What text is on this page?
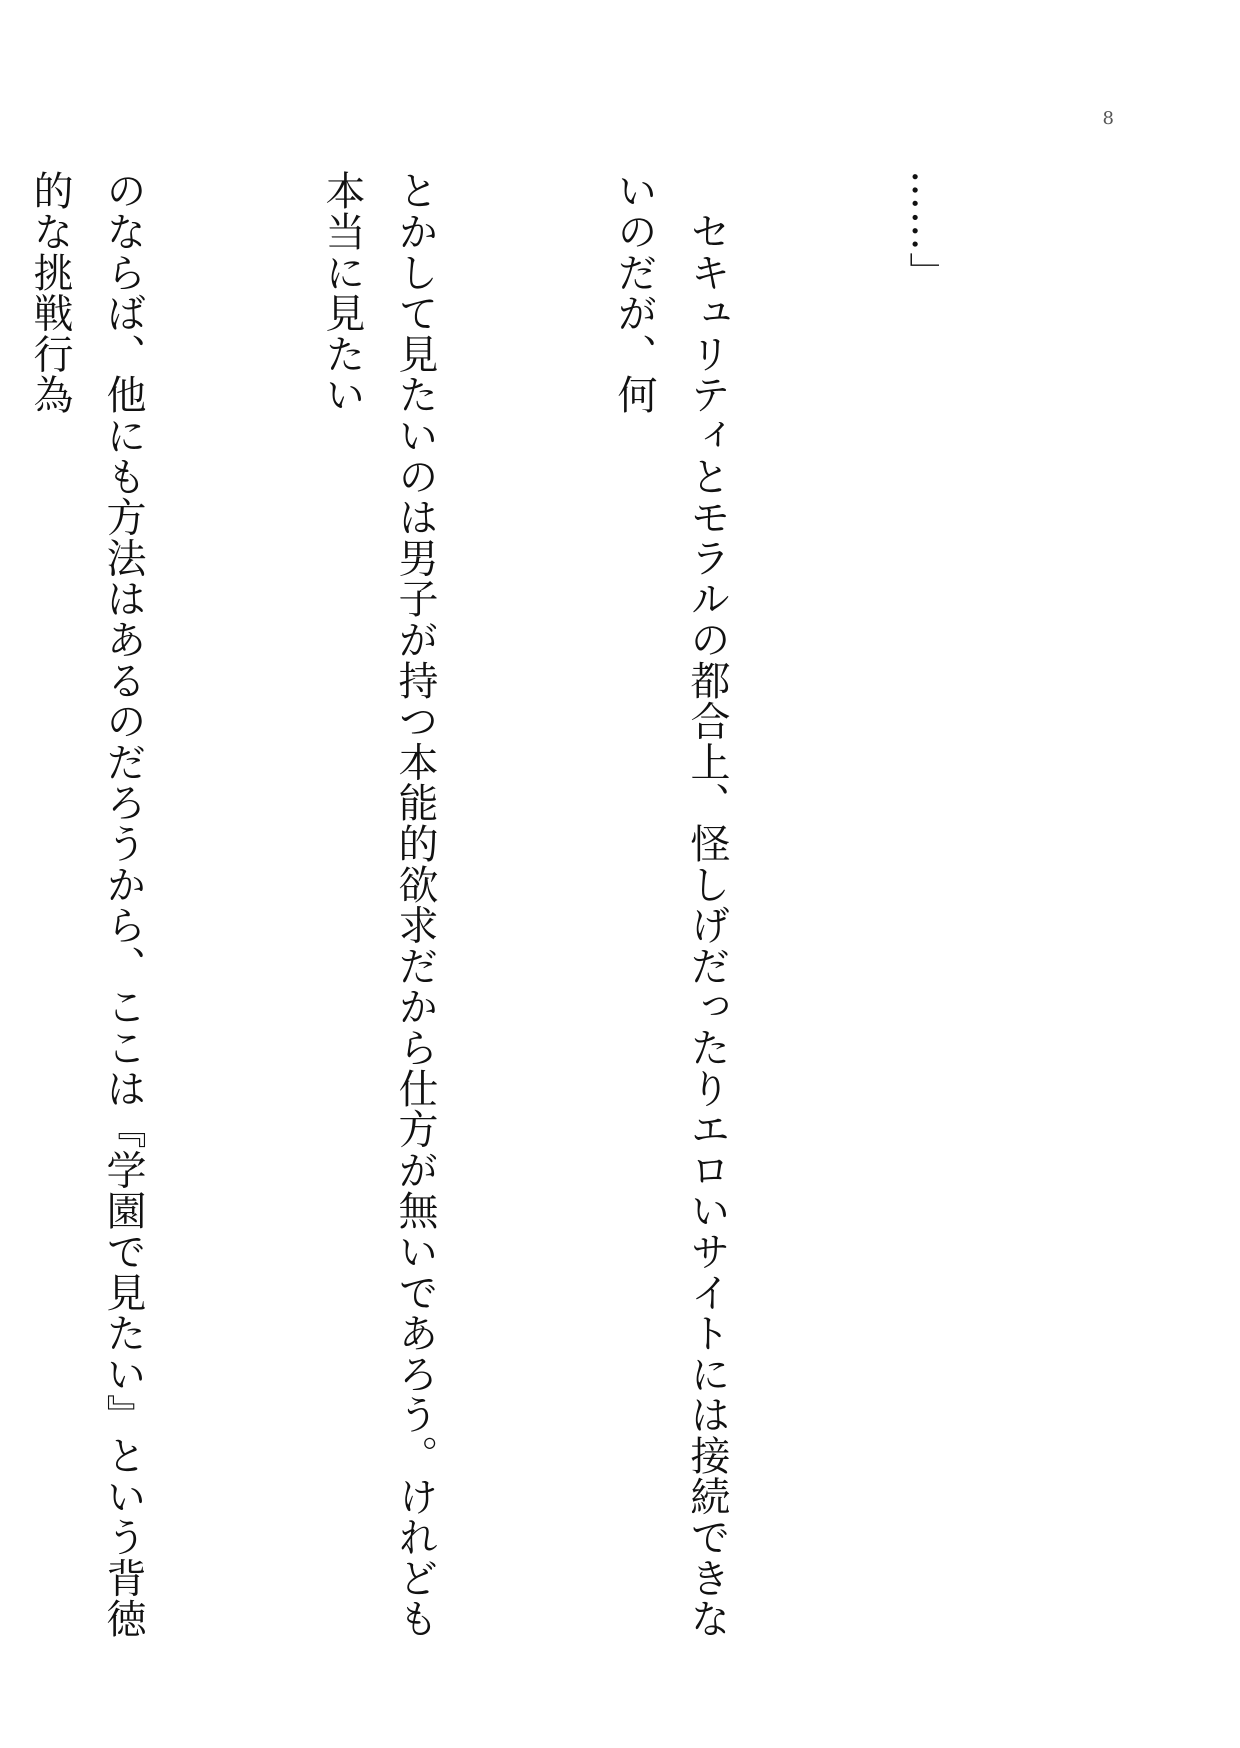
8

……」

　セキュリティとモラルの都合上、怪しげだったりエロいサイトには接続できないのだが、何

とかして見たいのは男子が持つ本能的欲求だから仕方が無いであろう。けれども本当に見たい

のならば、他にも方法はあるのだろうから、ここは『学園で見たい』という背徳的な挑戦行為
